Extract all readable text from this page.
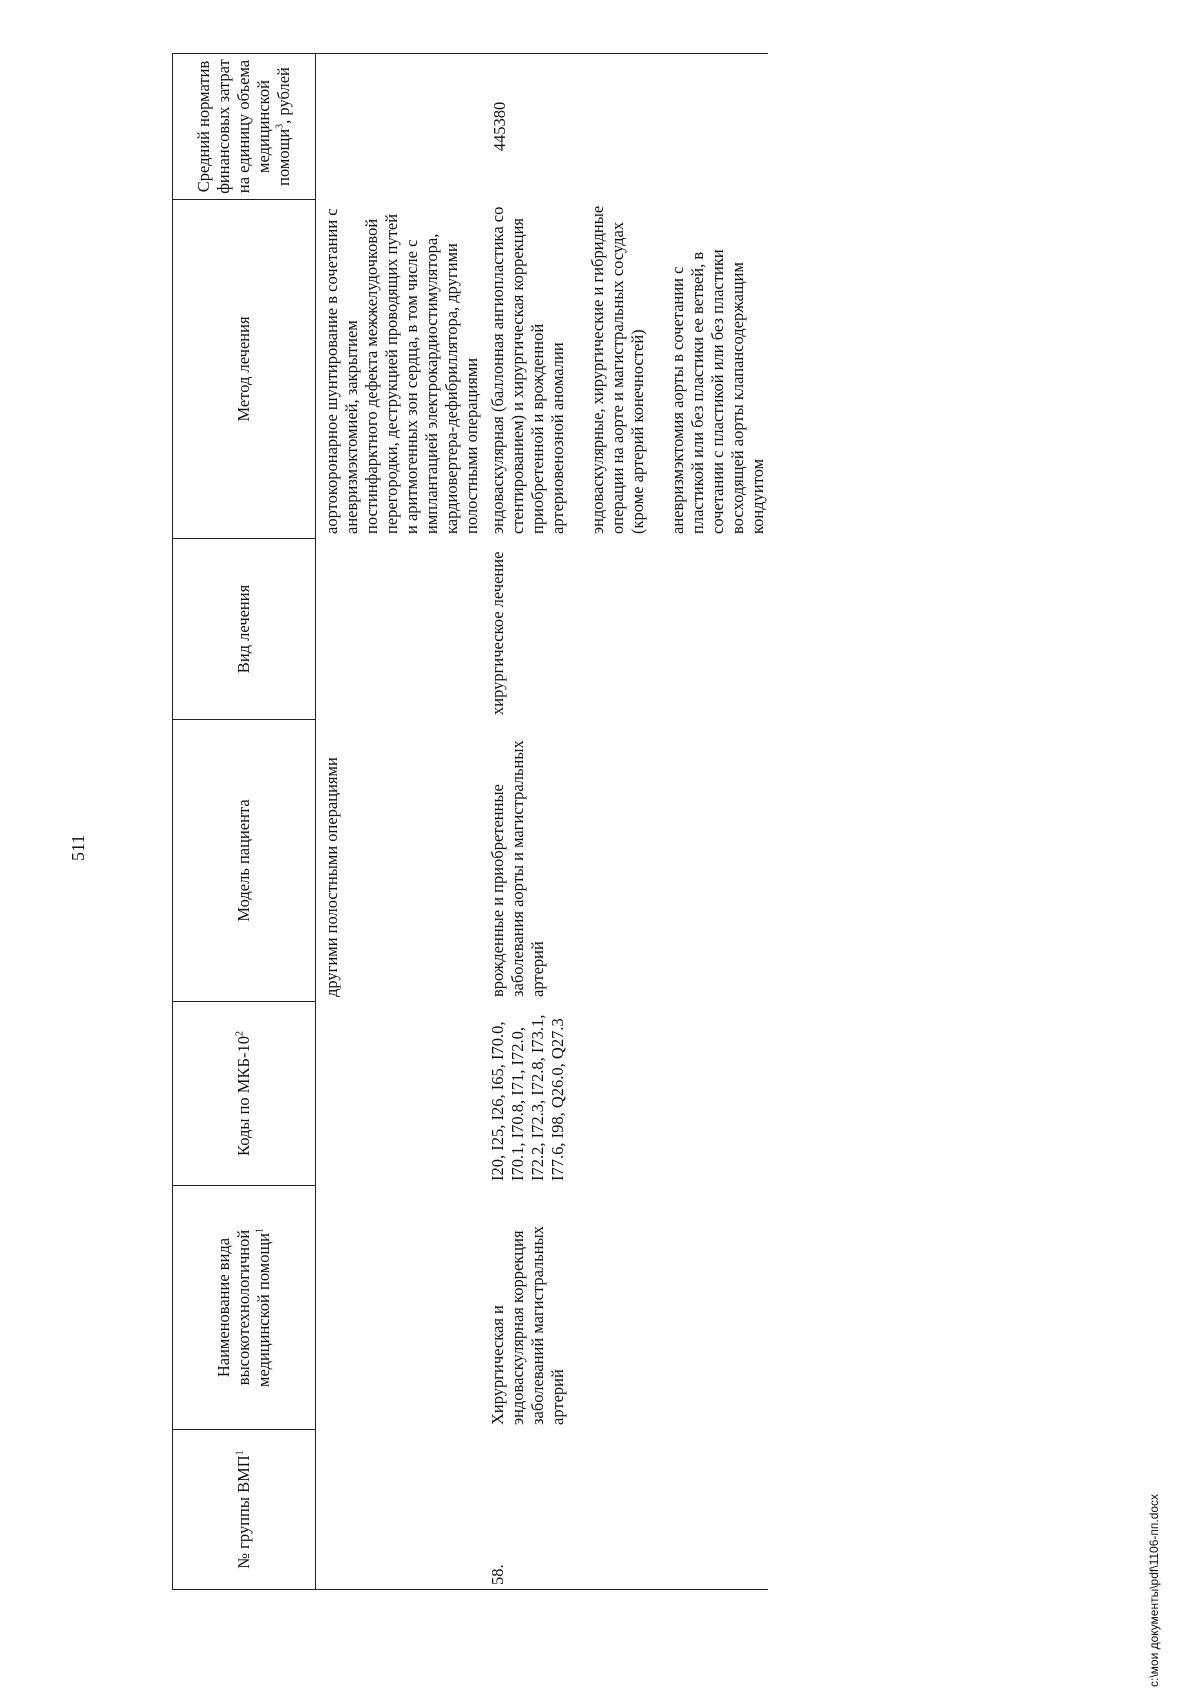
511
№ группы ВМП$^1$	Наименование вида высокотехнологичной медицинской помощи$^1$	Коды по МКБ-$10^2$	Модель пациента	Вид лечения	Метод лечения	Средний норматив финансовых затрат на единицу объема медицинской помощи$^3$, рублей
			другими полостными операциями		аортокоронарное шунтирование в сочетании с аневризмэктомией, закрытием постинфарктного дефекта межжелудочковой перегородки, деструкцией проводящих путей и аритмогенных зон сердца, в том числе с имплантацией электрокардиостимулятора, кардиовертера-дефибриллятора, другими полостными операциями	

58.	Хирургическая и эндоваскулярная коррекция заболеваний магистральных артерий	I20, I25, I26, I65, I70.0, I70.1, I70.8, I71, I72.0, I72.2, I72.3, I72.8, I73.1, I77.6, I98, Q26.0, Q27.3	врожденные и приобретенные заболевания аорты и магистральных артерий	хирургическое лечение	эндоваскулярная (баллонная ангиопластика со стентированием) и хирургическая коррекция приобретенной и врожденной артериовенозной аномалии эндоваскулярные, хирургические и гибридные операции на аорте и магистральных сосудах (кроме артерий конечностей) аневризмэктомия аорты в сочетании с пластикой или без пластики ее ветвей, в сочетании с пластикой или без пластики восходящей аорты клапансодержащим кондуитом	445380
c:\мои документы\pdf\1106-пп.docx
